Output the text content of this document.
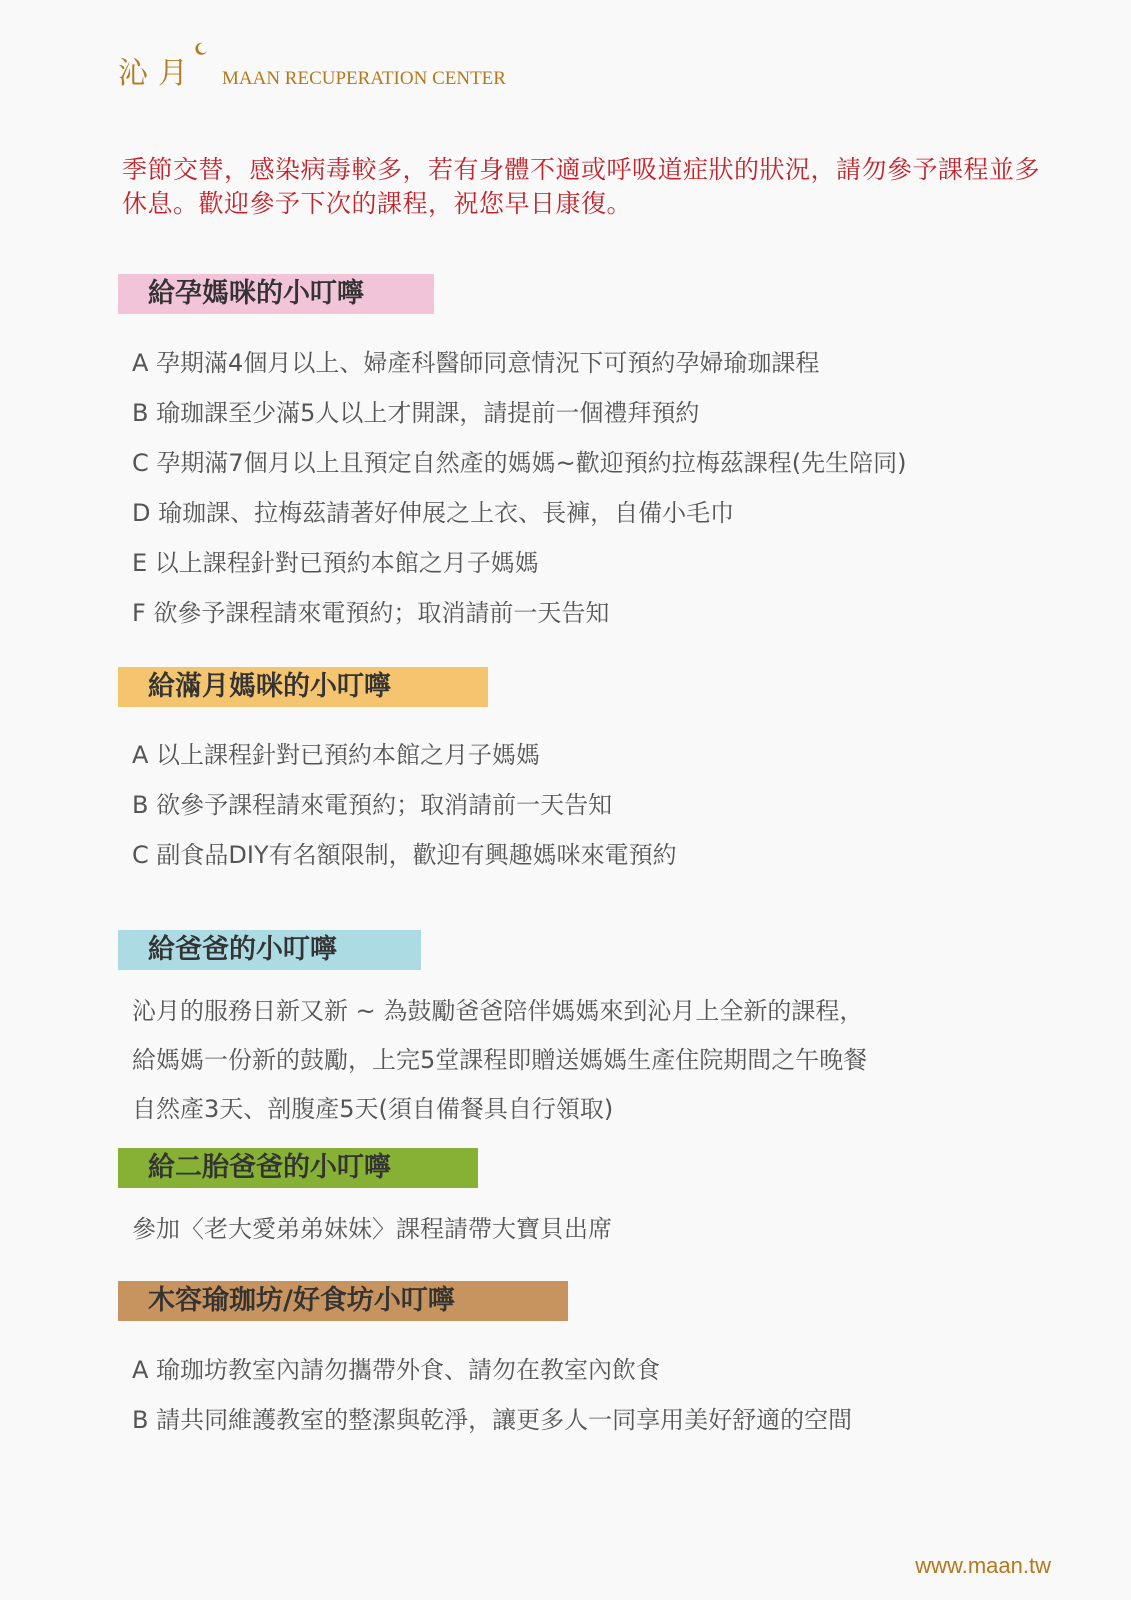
沁月 MAAN RECUPERATION CENTER
季節交替，感染病毒較多，若有身體不適或呼吸道症狀的狀況，請勿參予課程並多休息。歡迎參予下次的課程，祝您早日康復。
給孕媽咪的小叮嚀
A 孕期滿4個月以上、婦產科醫師同意情況下可預約孕婦瑜珈課程
B 瑜珈課至少滿5人以上才開課，請提前一個禮拜預約
C 孕期滿7個月以上且預定自然產的媽媽~歡迎預約拉梅茲課程(先生陪同)
D 瑜珈課、拉梅茲請著好伸展之上衣、長褲，自備小毛巾
E 以上課程針對已預約本館之月子媽媽
F 欲參予課程請來電預約；取消請前一天告知
給滿月媽咪的小叮嚀
A 以上課程針對已預約本館之月子媽媽
B 欲參予課程請來電預約；取消請前一天告知
C 副食品DIY有名額限制，歡迎有興趣媽咪來電預約
給爸爸的小叮嚀
沁月的服務日新又新 ~ 為鼓勵爸爸陪伴媽媽來到沁月上全新的課程，
給媽媽一份新的鼓勵，上完5堂課程即贈送媽媽生產住院期間之午晚餐
自然產3天、剖腹產5天(須自備餐具自行領取)
給二胎爸爸的小叮嚀
參加〈老大愛弟弟妹妹〉課程請帶大寶貝出席
木容瑜珈坊/好食坊小叮嚀
A 瑜珈坊教室內請勿攜帶外食、請勿在教室內飲食
B 請共同維護教室的整潔與乾淨，讓更多人一同享用美好舒適的空間
www.maan.tw
